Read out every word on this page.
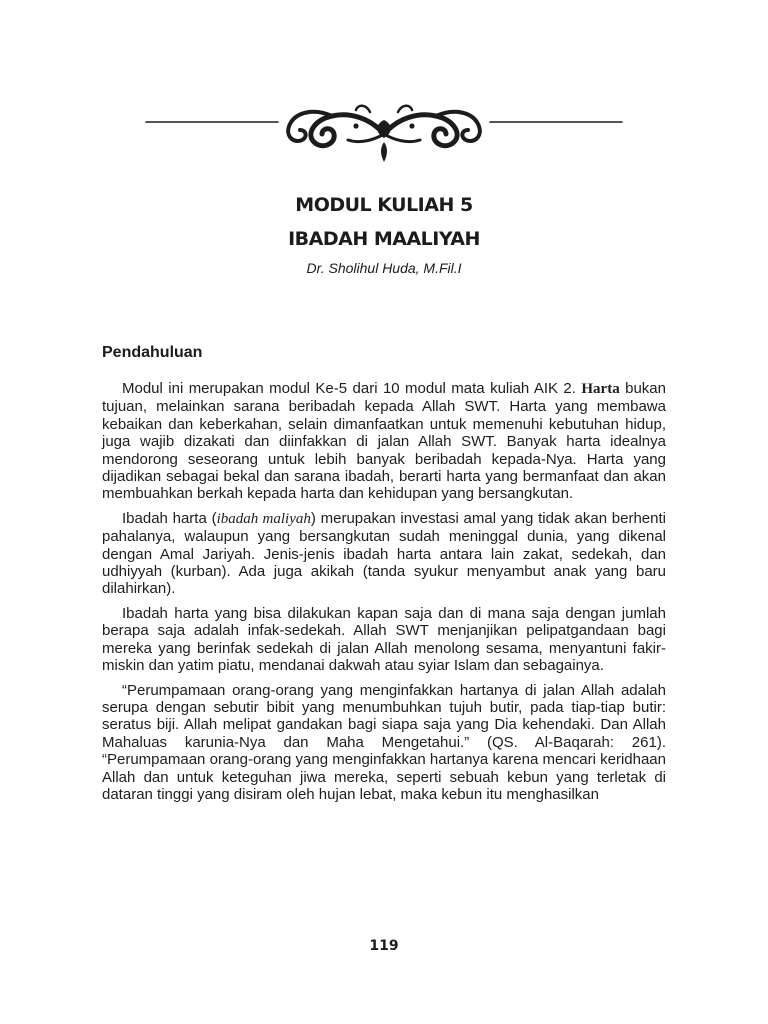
MODUL KULIAH 5
IBADAH MAALIYAH
Dr. Sholihul Huda, M.Fil.I
Pendahuluan

Modul ini merupakan modul Ke-5 dari 10 modul mata kuliah AIK 2. Harta bukan tujuan, melainkan sarana beribadah kepada Allah SWT. Harta yang membawa kebaikan dan keberkahan, selain dimanfaatkan untuk memenuhi kebutuhan hidup, juga wajib dizakati dan diinfakkan di jalan Allah SWT. Banyak harta idealnya mendorong seseorang untuk lebih banyak beribadah kepada-Nya. Harta yang dijadikan sebagai bekal dan sarana ibadah, berarti harta yang bermanfaat dan akan membuahkan berkah kepada harta dan kehidupan yang bersangkutan.

Ibadah harta (ibadah maliyah) merupakan investasi amal yang tidak akan berhenti pahalanya, walaupun yang bersangkutan sudah meninggal dunia, yang dikenal dengan Amal Jariyah. Jenis-jenis ibadah harta antara lain zakat, sedekah, dan udhiyyah (kurban). Ada juga akikah (tanda syukur menyambut anak yang baru dilahirkan).

Ibadah harta yang bisa dilakukan kapan saja dan di mana saja dengan jumlah berapa saja adalah infak-sedekah. Allah SWT menjanjikan pelipatgandaan bagi mereka yang berinfak sedekah di jalan Allah menolong sesama, menyantuni fakir-miskin dan yatim piatu, mendanai dakwah atau syiar Islam dan sebagainya.

“Perumpamaan orang-orang yang menginfakkan hartanya di jalan Allah adalah serupa dengan sebutir bibit yang menumbuhkan tujuh butir, pada tiap-tiap butir: seratus biji. Allah melipat gandakan bagi siapa saja yang Dia kehendaki. Dan Allah Mahaluas karunia-Nya dan Maha Mengetahui.” (QS. Al-Baqarah: 261). “Perumpamaan orang-orang yang menginfakkan hartanya karena mencari keridhaan Allah dan untuk keteguhan jiwa mereka, seperti sebuah kebun yang terletak di dataran tinggi yang disiram oleh hujan lebat, maka kebun itu menghasilkan

119
